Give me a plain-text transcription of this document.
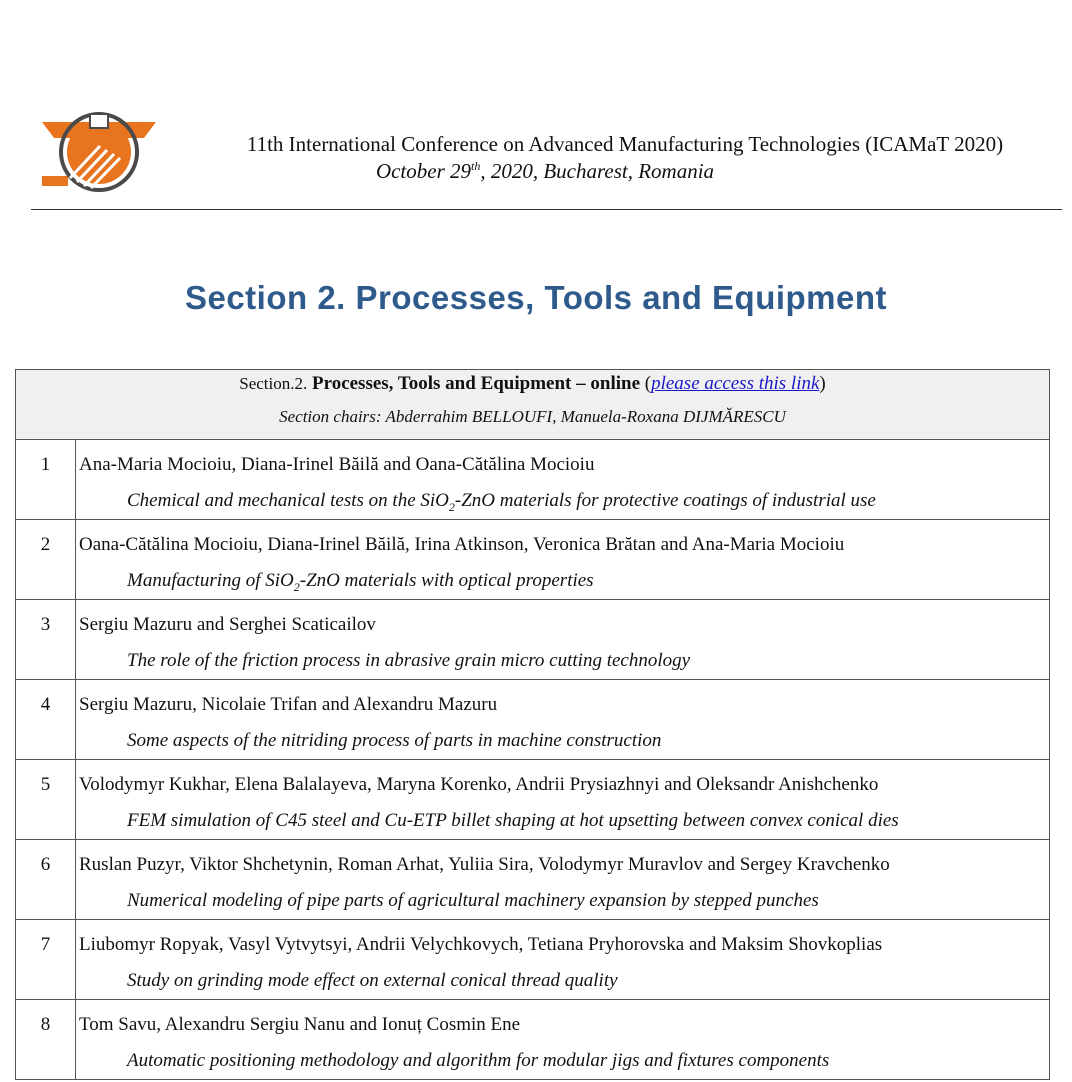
11th International Conference on Advanced Manufacturing Technologies (ICAMaT 2020)
October 29th, 2020, Bucharest, Romania
Section 2. Processes, Tools and Equipment
Section.2. Processes, Tools and Equipment – online (please access this link)
Section chairs: Abderrahim BELLOUFI, Manuela-Roxana DIJMĂRESCU	

1	Ana-Maria Mocioiu, Diana-Irinel Băilă and Oana-Cătălina Mocioiu
Chemical and mechanical tests on the SiO$_2$-ZnO materials for protective coatings of industrial use

2	Oana-Cătălina Mocioiu, Diana-Irinel Băilă, Irina Atkinson, Veronica Brătan and Ana-Maria Mocioiu
Manufacturing of SiO$_2$-ZnO materials with optical properties

3	Sergiu Mazuru and Serghei Scaticailov
The role of the friction process in abrasive grain micro cutting technology

4	Sergiu Mazuru, Nicolaie Trifan and Alexandru Mazuru
Some aspects of the nitriding process of parts in machine construction

5	Volodymyr Kukhar, Elena Balalayeva, Maryna Korenko, Andrii Prysiazhnyi and Oleksandr Anishchenko
FEM simulation of C45 steel and Cu-ETP billet shaping at hot upsetting between convex conical dies

6	Ruslan Puzyr, Viktor Shchetynin, Roman Arhat, Yuliia Sira, Volodymyr Muravlov and Sergey Kravchenko
Numerical modeling of pipe parts of agricultural machinery expansion by stepped punches

7	Liubomyr Ropyak, Vasyl Vytvytsyi, Andrii Velychkovych, Tetiana Pryhorovska and Maksim Shovkoplias
Study on grinding mode effect on external conical thread quality

8	Tom Savu, Alexandru Sergiu Nanu and Ionuț Cosmin Ene
Automatic positioning methodology and algorithm for modular jigs and fixtures components
